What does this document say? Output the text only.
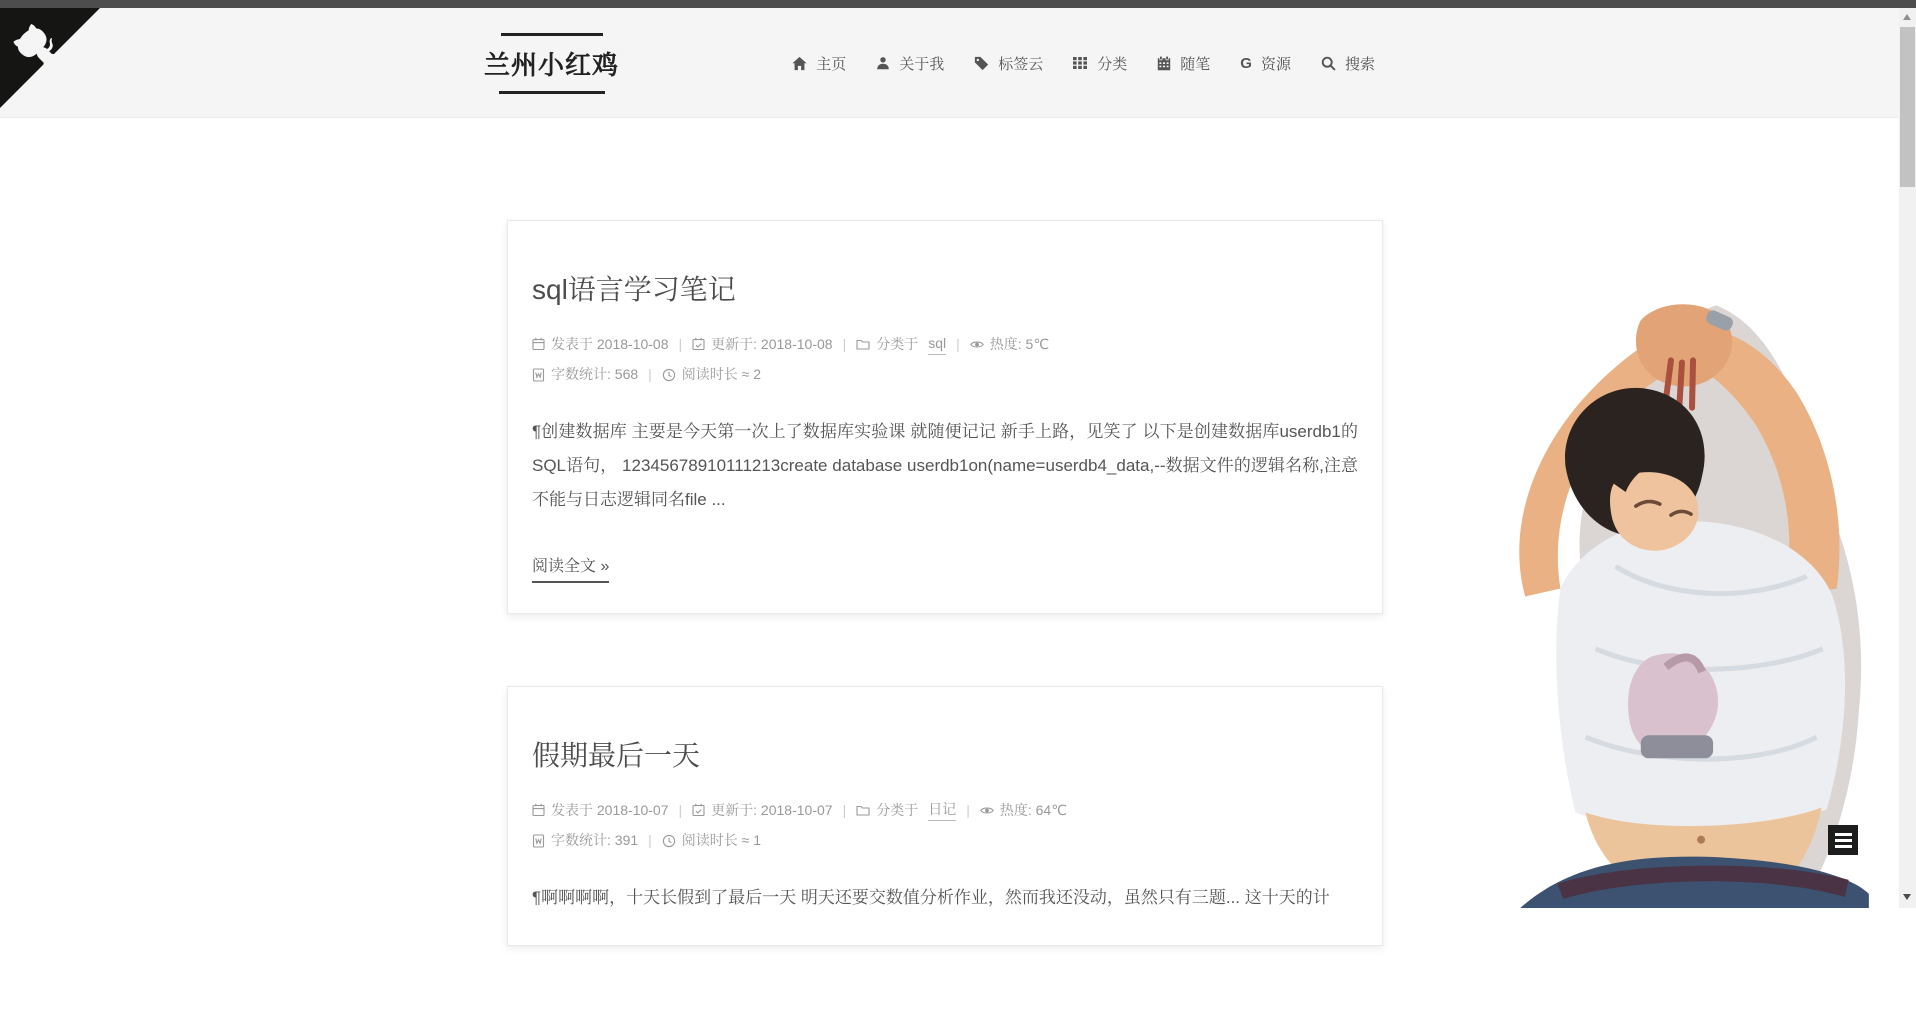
兰州小红鸡	主页	关于我	标签云	分类	随笔 G 资源	搜索
sql语言学习笔记
发表于 2018-10-08 | 更新于: 2018-10-08 | 分类于 sql | 热度: 5℃
字数统计: 568 | 阅读时长 ≈ 2

¶创建数据库 主要是今天第一次上了数据库实验课 就随便记记 新手上路，见笑了 以下是创建数据库userdb1的SQL语句， 12345678910111213create database userdb1on(name=userdb4_data,--数据文件的逻辑名称,注意不能与日志逻辑同名file ...

阅读全文 »
假期最后一天
发表于 2018-10-07 | 更新于: 2018-10-07 | 分类于 日记 | 热度: 64℃
字数统计: 391 | 阅读时长 ≈ 1

¶啊啊啊啊，十天长假到了最后一天 明天还要交数值分析作业，然而我还没动，虽然只有三题... 这十天的计
